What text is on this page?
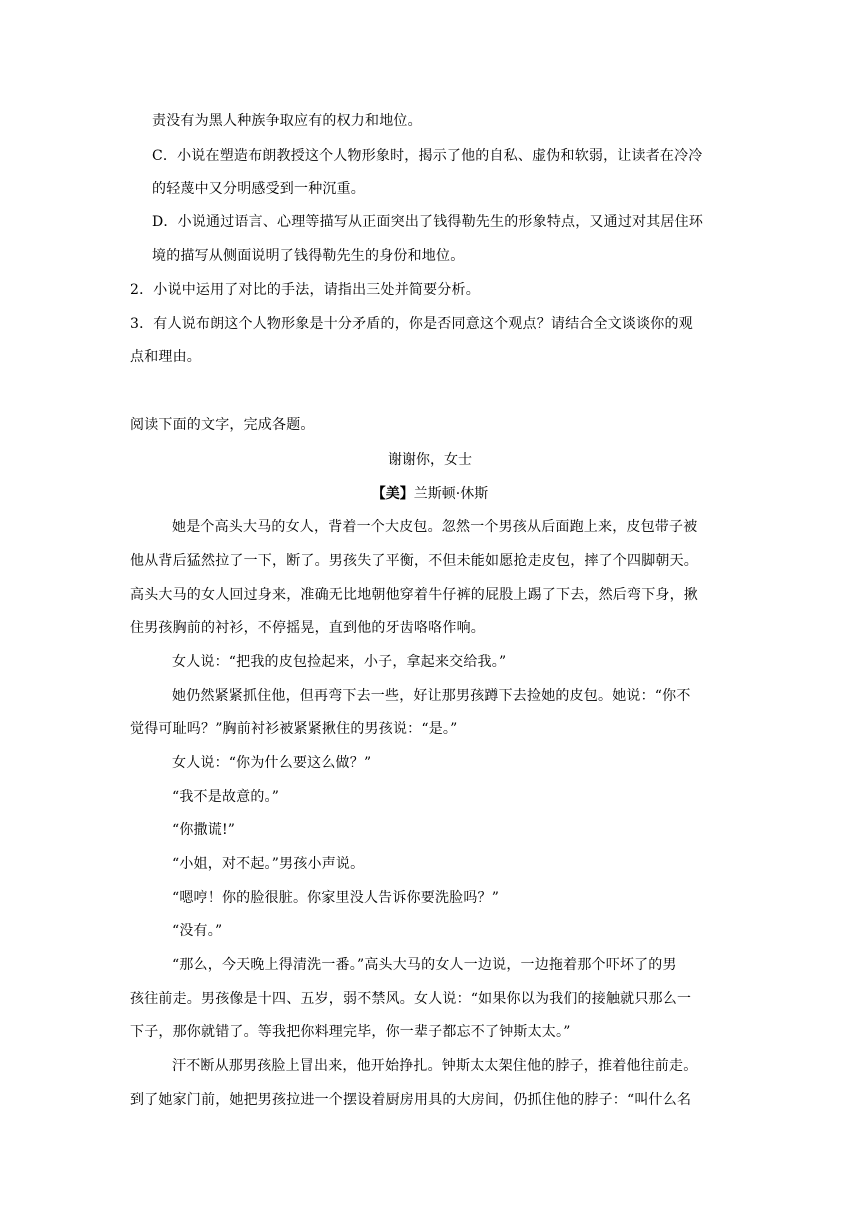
责没有为黑人种族争取应有的权力和地位。
C．小说在塑造布朗教授这个人物形象时，揭示了他的自私、虚伪和软弱，让读者在冷冷
的轻蔑中又分明感受到一种沉重。
D．小说通过语言、心理等描写从正面突出了钱得勒先生的形象特点，又通过对其居住环
境的描写从侧面说明了钱得勒先生的身份和地位。
2．小说中运用了对比的手法，请指出三处并简要分析。
3．有人说布朗这个人物形象是十分矛盾的，你是否同意这个观点？请结合全文谈谈你的观
点和理由。
阅读下面的文字，完成各题。
谢谢你，女士
【美】兰斯顿·休斯
她是个高头大马的女人，背着一个大皮包。忽然一个男孩从后面跑上来，皮包带子被
他从背后猛然拉了一下，断了。男孩失了平衡，不但未能如愿抢走皮包，摔了个四脚朝天。
高头大马的女人回过身来，准确无比地朝他穿着牛仔裤的屁股上踢了下去，然后弯下身，揪
住男孩胸前的衬衫，不停摇晃，直到他的牙齿咯咯作响。
女人说：“把我的皮包捡起来，小子，拿起来交给我。”
她仍然紧紧抓住他，但再弯下去一些，好让那男孩蹲下去捡她的皮包。她说：“你不
觉得可耻吗？”胸前衬衫被紧紧揪住的男孩说：“是。”
女人说：“你为什么要这么做？”
“我不是故意的。”
“你撒谎!”
“小姐，对不起。”男孩小声说。
“嗯哼！你的脸很脏。你家里没人告诉你要洗脸吗？”
“没有。”
“那么，今天晚上得清洗一番。”高头大马的女人一边说，一边拖着那个吓坏了的男
孩往前走。男孩像是十四、五岁，弱不禁风。女人说：“如果你以为我们的接触就只那么一
下子，那你就错了。等我把你料理完毕，你一辈子都忘不了钟斯太太。”
汗不断从那男孩脸上冒出来，他开始挣扎。钟斯太太架住他的脖子，推着他往前走。
到了她家门前，她把男孩拉进一个摆设着厨房用具的大房间，仍抓住他的脖子：“叫什么名
